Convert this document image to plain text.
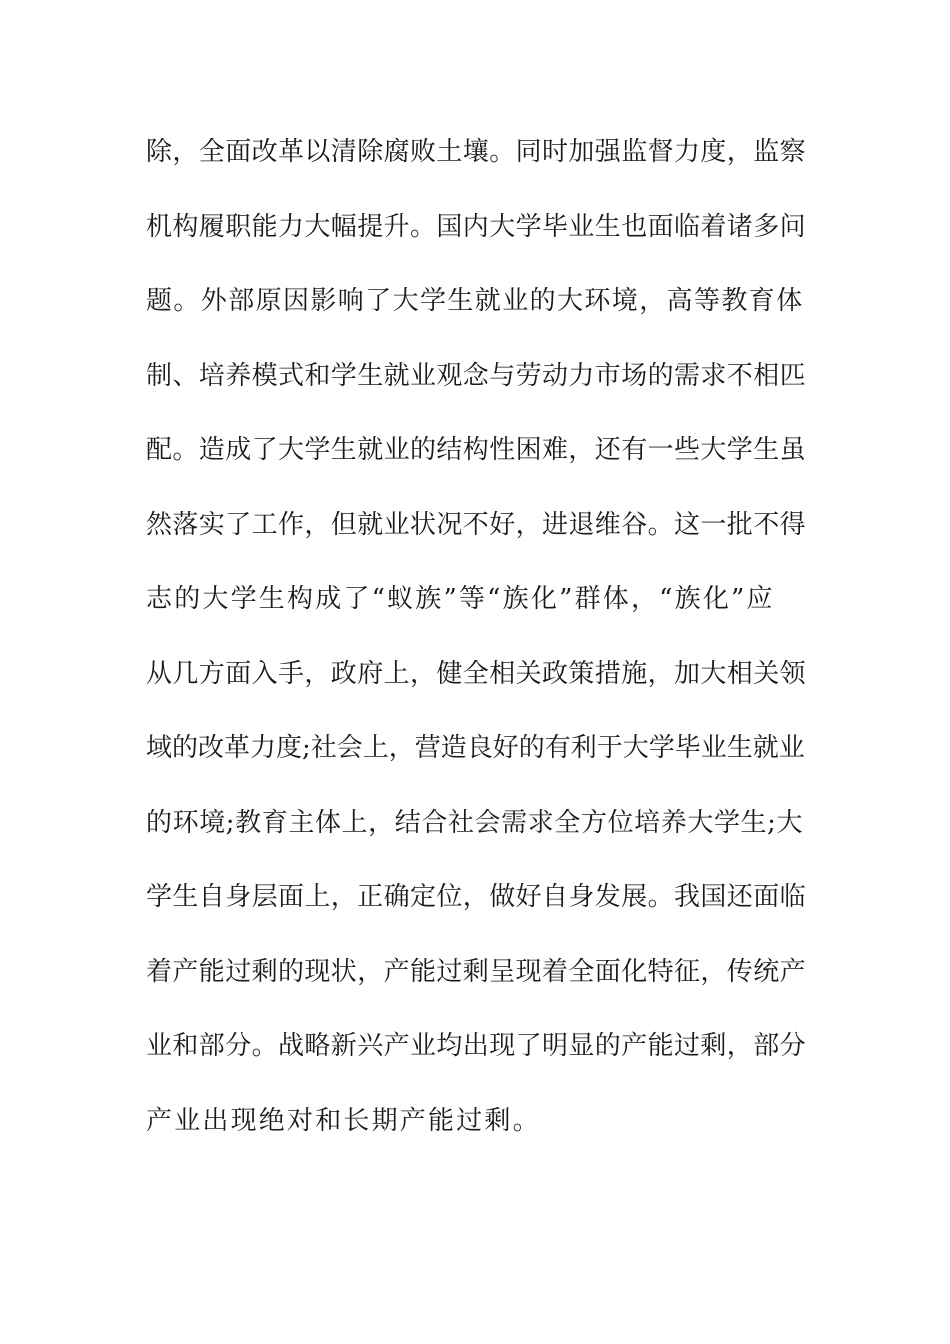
除，全面改革以清除腐败土壤。同时加强监督力度，监察
机构履职能力大幅提升。国内大学毕业生也面临着诸多问
题。外部原因影响了大学生就业的大环境，高等教育体
制、培养模式和学生就业观念与劳动力市场的需求不相匹
配。造成了大学生就业的结构性困难，还有一些大学生虽
然落实了工作，但就业状况不好，进退维谷。这一批不得
志的大学生构成了“蚁族”等“族化”群体，“族化”应
从几方面入手，政府上，健全相关政策措施，加大相关领
域的改革力度;社会上，营造良好的有利于大学毕业生就业
的环境;教育主体上，结合社会需求全方位培养大学生;大
学生自身层面上，正确定位，做好自身发展。我国还面临
着产能过剩的现状，产能过剩呈现着全面化特征，传统产
业和部分。战略新兴产业均出现了明显的产能过剩，部分
产业出现绝对和长期产能过剩。
